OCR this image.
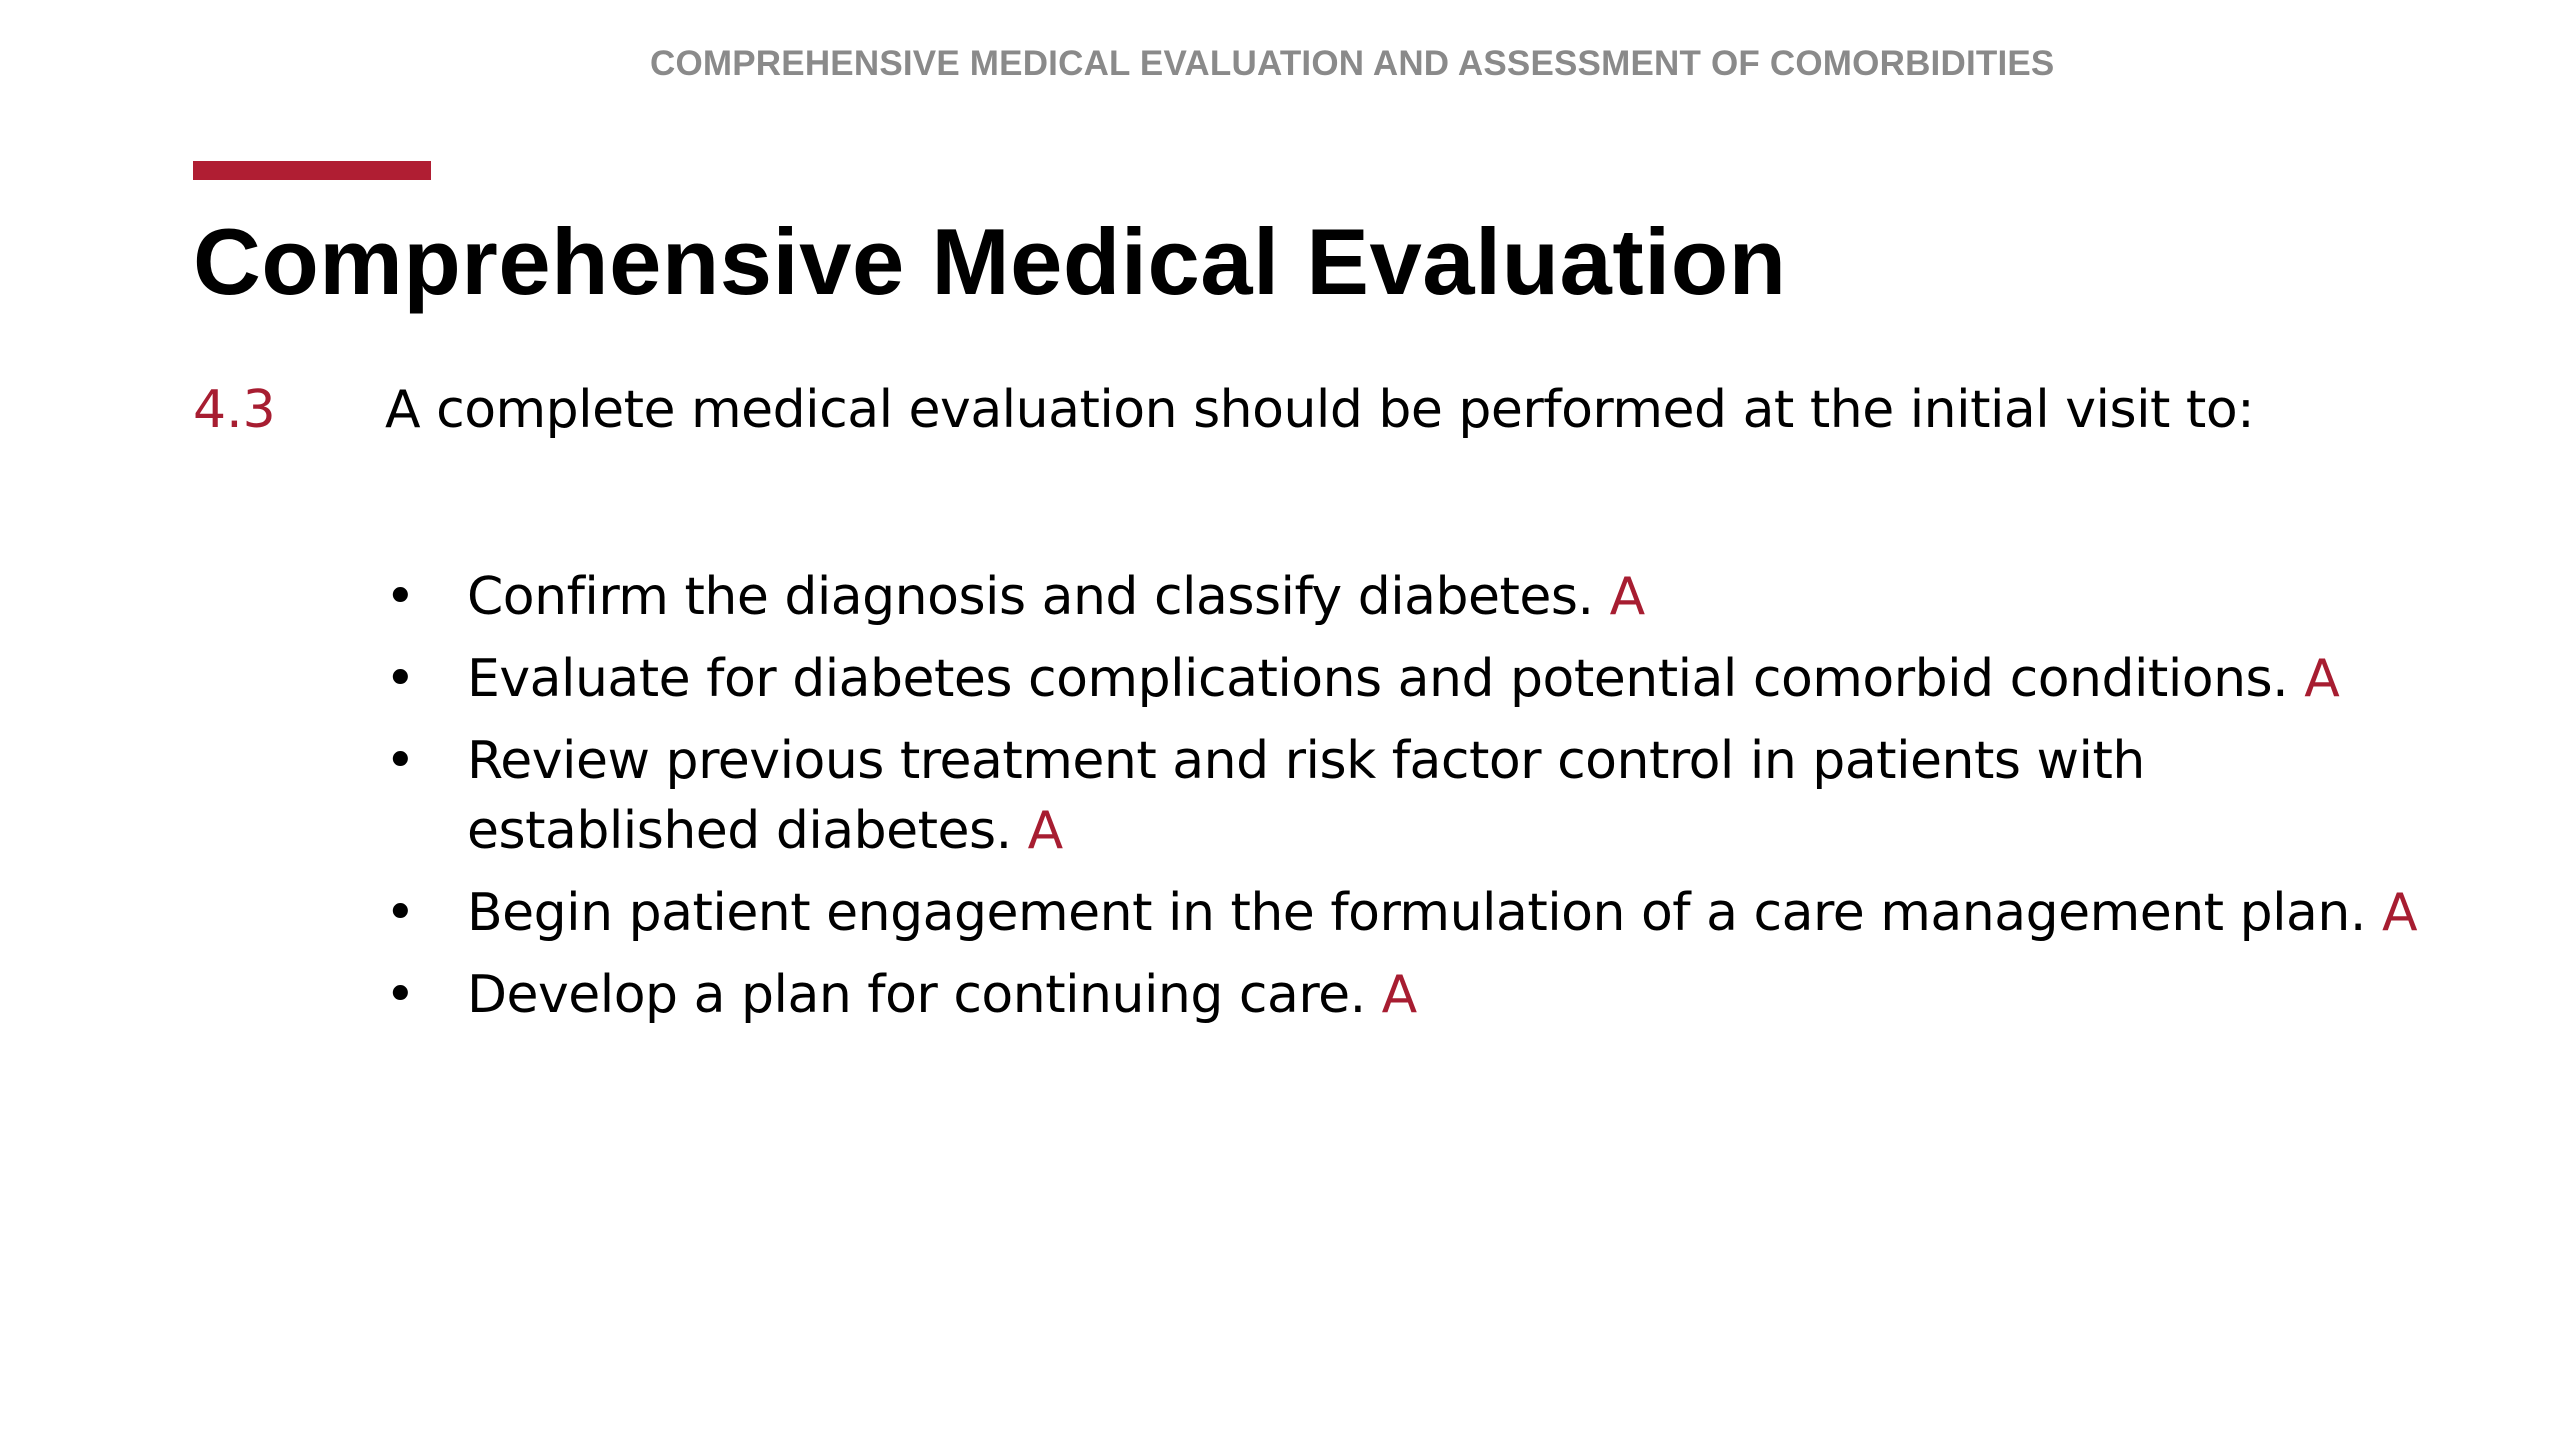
COMPREHENSIVE MEDICAL EVALUATION AND ASSESSMENT OF COMORBIDITIES
Comprehensive Medical Evaluation
4.3 A complete medical evaluation should be performed at the initial visit to:
• Confirm the diagnosis and classify diabetes. A
• Evaluate for diabetes complications and potential comorbid conditions. A
• Review previous treatment and risk factor control in patients with established diabetes. A
• Begin patient engagement in the formulation of a care management plan. A
• Develop a plan for continuing care. A
